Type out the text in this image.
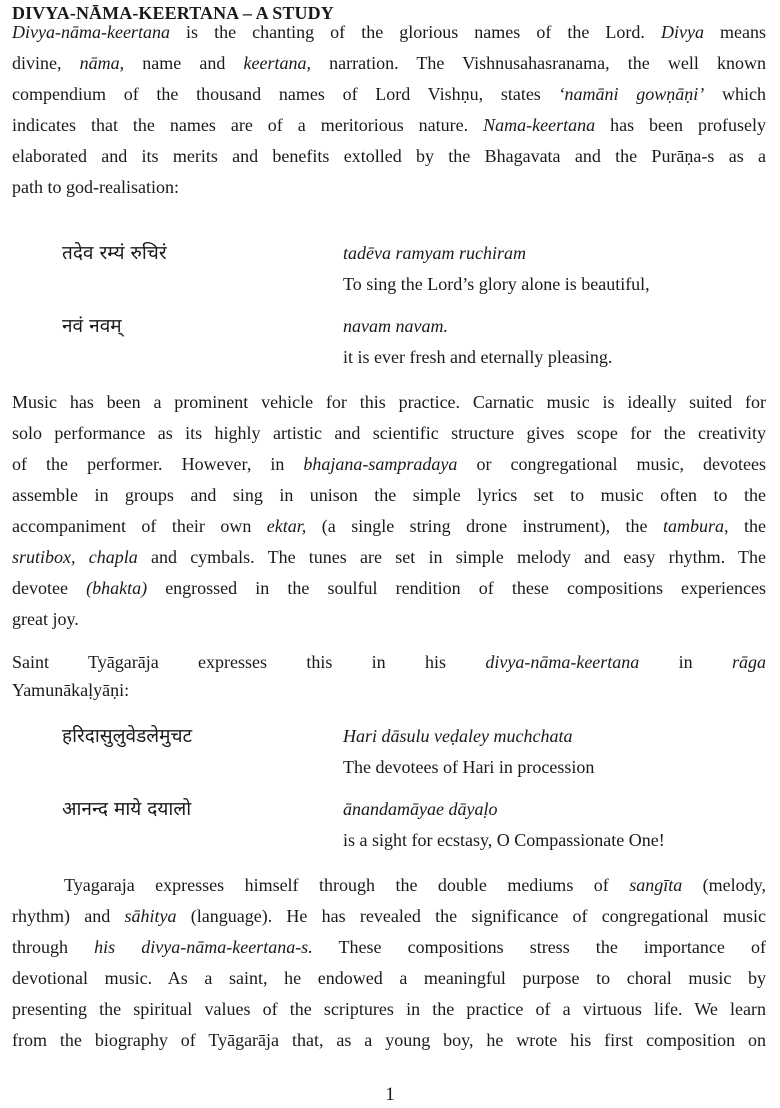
DIVYA-NĀMA-KEERTANA – A STUDY
Divya-nāma-keertana is the chanting of the glorious names of the Lord. Divya means
divine, nāma, name and keertana, narration. The Vishnusahasranama, the well known
compendium of the thousand names of Lord Vishṇu, states ‘namāni gowṇāṇi’ which
indicates that the names are of a meritorious nature. Nama-keertana has been profusely
elaborated and its merits and benefits extolled by the Bhagavata and the Purāṇa-s as a
path to god-realisation:
तदेव रम्यं रुचिरं	tadēva ramyam ruchiram
To sing the Lord’s glory alone is beautiful,
नवं नवम्	navam navam.
it is ever fresh and eternally pleasing.
Music has been a prominent vehicle for this practice. Carnatic music is ideally suited for
solo performance as its highly artistic and scientific structure gives scope for the creativity
of the performer. However, in bhajana-sampradaya or congregational music, devotees
assemble in groups and sing in unison the simple lyrics set to music often to the
accompaniment of their own ektar, (a single string drone instrument), the tambura, the
srutibox, chapla and cymbals. The tunes are set in simple melody and easy rhythm. The
devotee (bhakta) engrossed in the soulful rendition of these compositions experiences
great joy.
Saint Tyāgarāja expresses this in his divya-nāma-keertana in rāga
Yamunākaḷyāṇi:
हरिदासुलुवेडलेमुचट	Hari dāsulu veḍaley muchchata
The devotees of Hari in procession
आनन्द माये दयालो	ānandamāyae dāyaḷo
is a sight for ecstasy, O Compassionate One!
Tyagaraja expresses himself through the double mediums of sangīta (melody,
rhythm) and sāhitya (language). He has revealed the significance of congregational music
through his divya-nāma-keertana-s. These compositions stress the importance of
devotional music. As a saint, he endowed a meaningful purpose to choral music by
presenting the spiritual values of the scriptures in the practice of a virtuous life. We learn
from the biography of Tyāgarāja that, as a young boy, he wrote his first composition on
1
